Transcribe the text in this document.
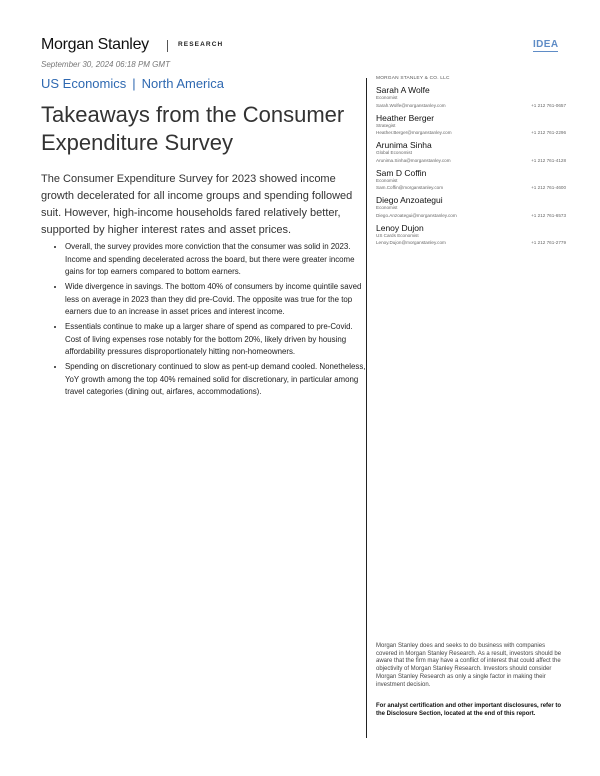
Morgan Stanley	RESEARCH	IDEA
September 30, 2024 06:18 PM GMT
US Economics | North America
Takeaways from the Consumer Expenditure Survey

The Consumer Expenditure Survey for 2023 showed income growth decelerated for all income groups and spending followed suit. However, high-income households fared relatively better, supported by higher interest rates and asset prices.

• Overall, the survey provides more conviction that the consumer was solid in 2023. Income and spending decelerated across the board, but there were greater income gains for top earners compared to bottom earners.
• Wide divergence in savings. The bottom 40% of consumers by income quintile saved less on average in 2023 than they did pre-Covid. The opposite was true for the top earners due to an increase in asset prices and interest income.
• Essentials continue to make up a larger share of spend as compared to pre-Covid. Cost of living expenses rose notably for the bottom 20%, likely driven by housing affordability pressures disproportionately hitting non-homeowners.
• Spending on discretionary continued to slow as pent-up demand cooled. Nonetheless, YoY growth among the top 40% remained solid for discretionary, in particular among travel categories (dining out, airfares, accommodations).
MORGAN STANLEY & CO. LLC
Sarah A Wolfe
Economist
Sarah.Wolfe@morganstanley.com	+1 212 761-0657
Heather Berger
Strategist
Heather.Berger@morganstanley.com	+1 212 761-2296
Arunima Sinha
Global Economist
Arunima.Sinha@morganstanley.com	+1 212 761-4128
Sam D Coffin
Economist
Sam.Coffin@morganstanley.com	+1 212 761-4600
Diego Anzoategui
Economist
Diego.Anzoategui@morganstanley.com	+1 212 761-6573
Lenoy Dujon
US Cards Economist
Lenoy.Dujon@morganstanley.com	+1 212 761-2779

Morgan Stanley does and seeks to do business with companies covered in Morgan Stanley Research. As a result, investors should be aware that the firm may have a conflict of interest that could affect the objectivity of Morgan Stanley Research. Investors should consider Morgan Stanley Research as only a single factor in making their investment decision.

For analyst certification and other important disclosures, refer to the Disclosure Section, located at the end of this report.
